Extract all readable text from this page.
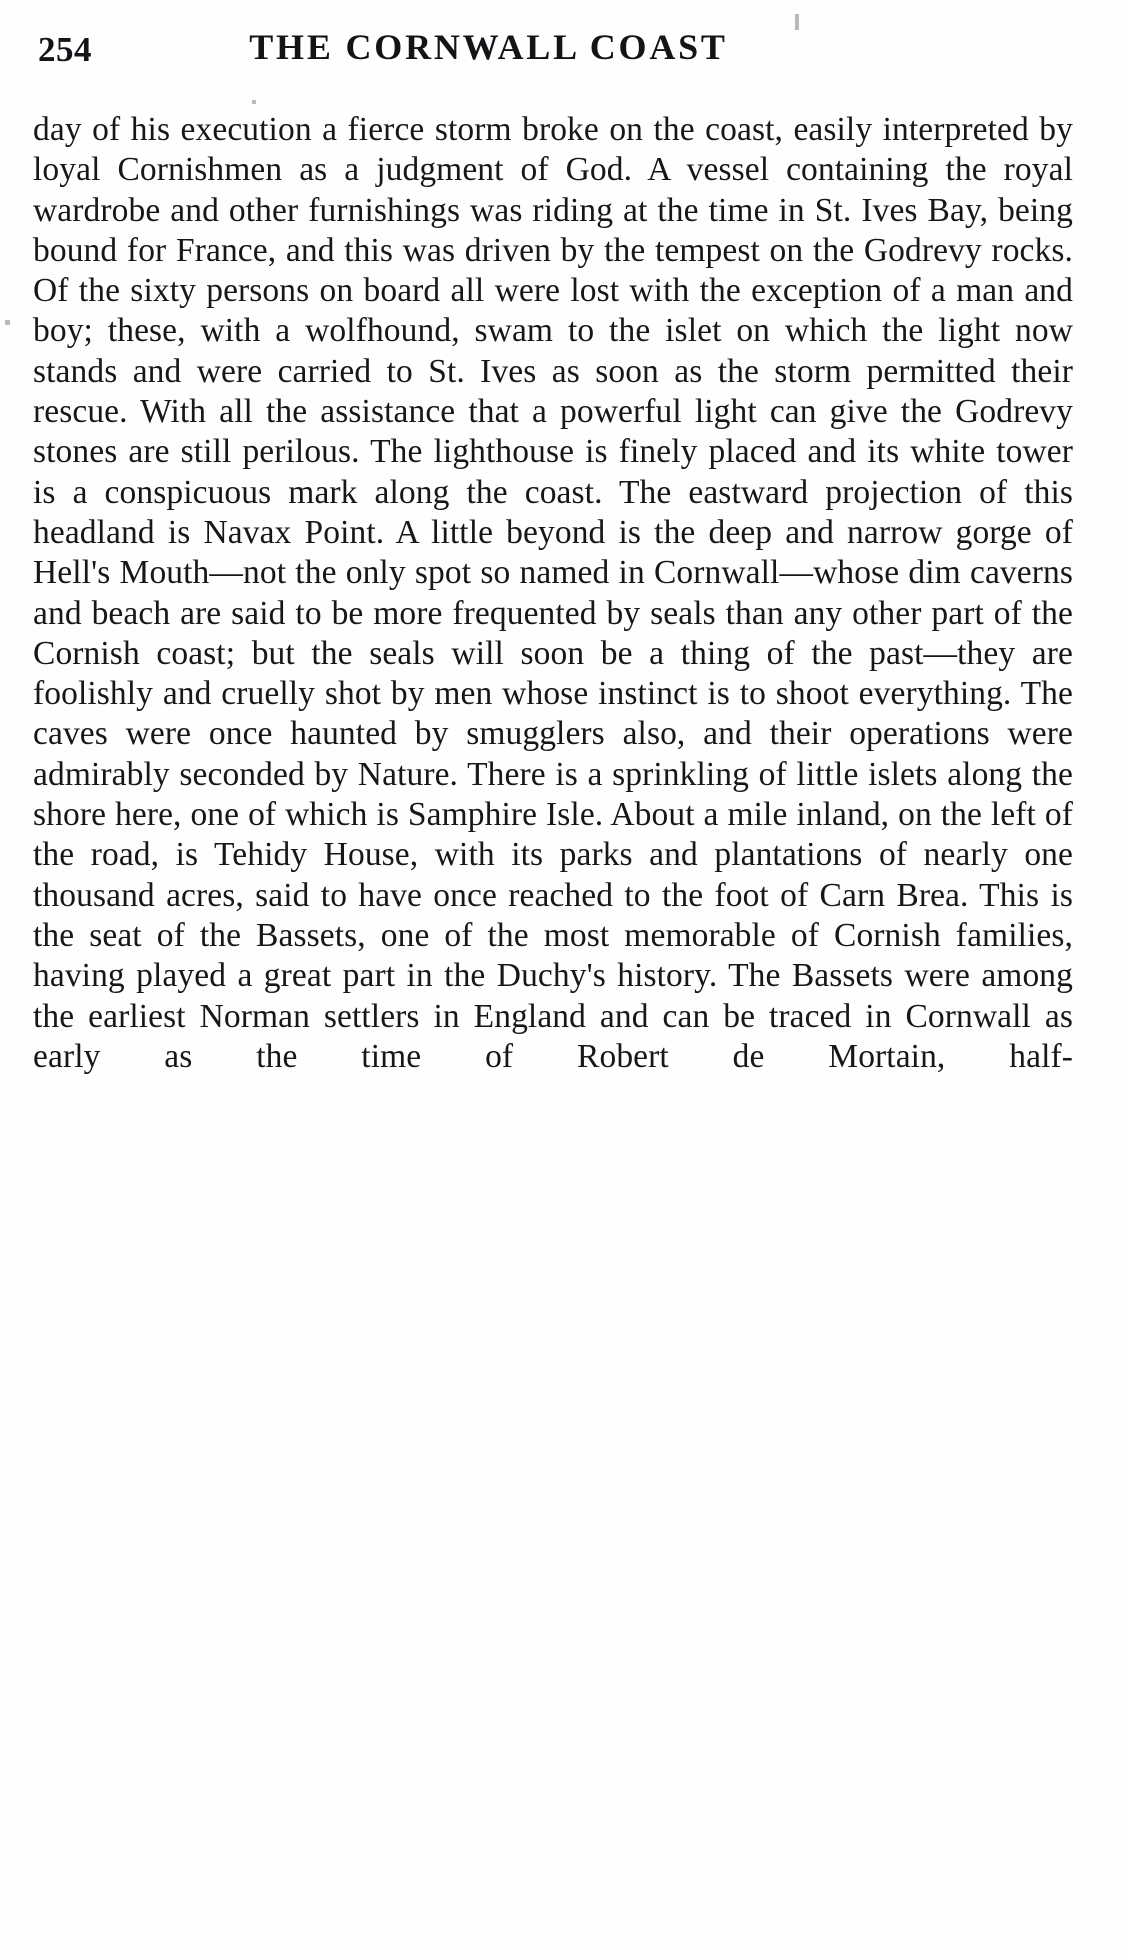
254	THE CORNWALL COAST

day of his execution a fierce storm broke on the coast, easily interpreted by loyal Cornishmen as a judgment of God. A vessel containing the royal wardrobe and other furnishings was riding at the time in St. Ives Bay, being bound for France, and this was driven by the tempest on the Godrevy rocks. Of the sixty persons on board all were lost with the exception of a man and boy; these, with a wolfhound, swam to the islet on which the light now stands and were carried to St. Ives as soon as the storm permitted their rescue. With all the assistance that a powerful light can give the Godrevy stones are still perilous. The lighthouse is finely placed and its white tower is a conspicuous mark along the coast. The eastward projection of this headland is Navax Point. A little beyond is the deep and narrow gorge of Hell's Mouth—not the only spot so named in Cornwall—whose dim caverns and beach are said to be more frequented by seals than any other part of the Cornish coast; but the seals will soon be a thing of the past—they are foolishly and cruelly shot by men whose instinct is to shoot everything. The caves were once haunted by smugglers also, and their operations were admirably seconded by Nature. There is a sprinkling of little islets along the shore here, one of which is Samphire Isle. About a mile inland, on the left of the road, is Tehidy House, with its parks and plantations of nearly one thousand acres, said to have once reached to the foot of Carn Brea. This is the seat of the Bassets, one of the most memorable of Cornish families, having played a great part in the Duchy's history. The Bassets were among the earliest Norman settlers in England and can be traced in Cornwall as early as the time of Robert de Mortain, half-
